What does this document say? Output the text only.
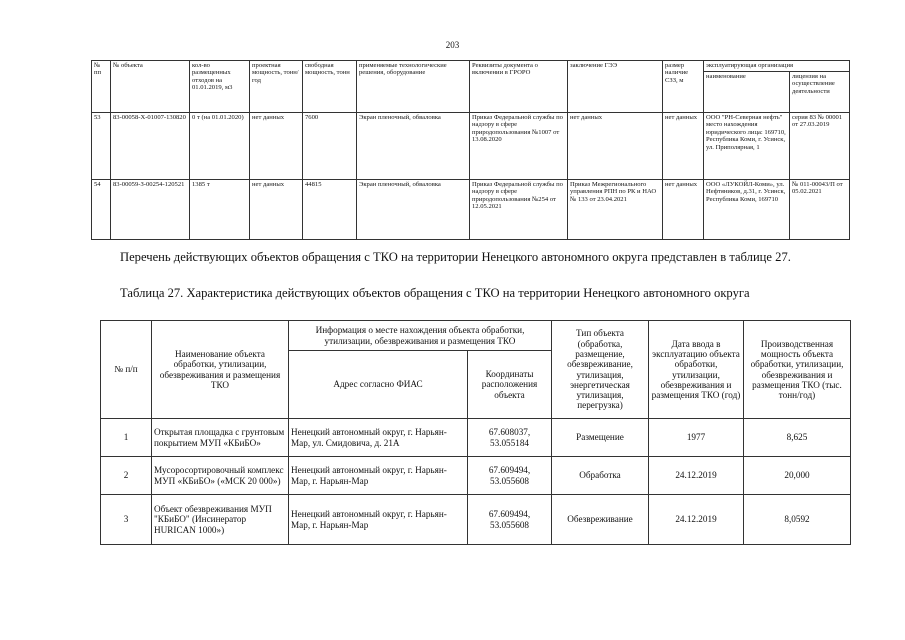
203
№ пп	№ объекта	кол-во размещенных отходов на 01.01.2019, м3	проектная мощность, тонн/год	свободная мощность, тонн	применяемые технологические решения, оборудование	Реквизиты документа о включении в ГРОРО	заключение ГЭЭ	размер наличие СЗЗ, м	эксплуатирующая организация	
									наименование	лицензия на осуществление деятельности
53	83-00058-Х-01007-130820	0 т (на 01.01.2020)	нет данных	7600	Экран пленочный, обваловка	Приказ Федеральной службы по надзору в сфере природопользования №1007 от 13.08.2020	нет данных	нет данных	ООО "РН-Северная нефть" место нахождения юридического лица: 169710, Республика Коми, г. Усинск, ул. Приполярная, 1	серия 83 № 00001 от 27.03.2019
54	83-00059-З-00254-120521	1385 т	нет данных	44815	Экран пленочный, обваловка	Приказ Федеральной службы по надзору в сфере природопользования №254 от 12.05.2021	Приказ Межрегионального управления РПН по РК и НАО № 133 от 23.04.2021	нет данных	ООО «ЛУКОЙЛ-Коми», ул. Нефтяников, д.31, г. Усинск, Республика Коми, 169710	№ 011-00043/П от 05.02.2021
Перечень действующих объектов обращения с ТКО на территории Ненецкого автономного округа представлен в таблице 27.
Таблица 27. Характеристика действующих объектов обращения с ТКО на территории Ненецкого автономного округа
№ п/п	Наименование объекта обработки, утилизации, обезвреживания и размещения ТКО	Информация о месте нахождения объекта обработки, утилизации, обезвреживания и размещения ТКО		Тип объекта (обработка, размещение, обезвреживание, утилизация, энергетическая утилизация, перегрузка)	Дата ввода в эксплуатацию объекта обработки, утилизации, обезвреживания и размещения ТКО (год)	Производственная мощность объекта обработки, утилизации, обезвреживания и размещения ТКО (тыс. тонн/год)
		Адрес согласно ФИАС	Координаты расположения объекта			
1	Открытая площадка с грунтовым покрытием МУП «КБиБО»	Ненецкий автономный округ, г. Нарьян-Мар, ул. Смидовича, д. 21А	67.608037, 53.055184	Размещение	1977	8,625
2	Мусоросортировочный комплекс МУП «КБиБО» («МСК 20 000»)	Ненецкий автономный округ, г. Нарьян-Мар, г. Нарьян-Мар	67.609494, 53.055608	Обработка	24.12.2019	20,000
3	Объект обезвреживания МУП "КБиБО" (Инсинератор HURICAN 1000»)	Ненецкий автономный округ, г. Нарьян-Мар, г. Нарьян-Мар	67.609494, 53.055608	Обезвреживание	24.12.2019	8,0592
